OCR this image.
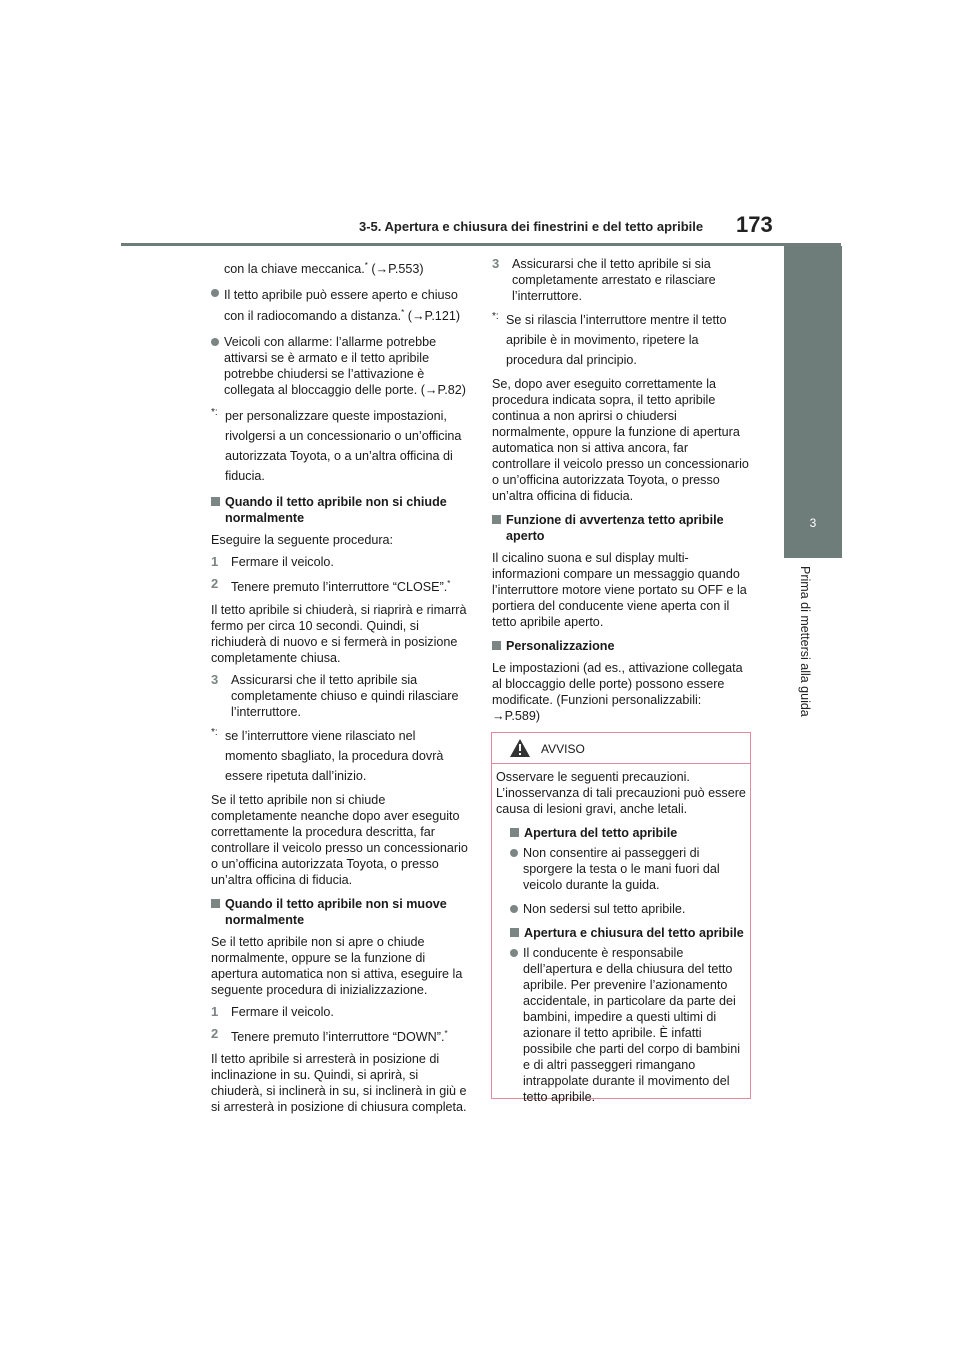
3-5. Apertura e chiusura dei finestrini e del tetto apribile 173
3
Prima di mettersi alla guida

con la chiave meccanica.* (→P.553)

Il tetto apribile può essere aperto e chiuso con il radiocomando a distanza.* (→P.121)
Veicoli con allarme: l’allarme potrebbe attivarsi se è armato e il tetto apribile potrebbe chiudersi se l’attivazione è collegata al bloccaggio delle porte. (→P.82)
*: per personalizzare queste impostazioni, rivolgersi a un concessionario o un’officina autorizzata Toyota, o a un’altra officina di fiducia.
Quando il tetto apribile non si chiude normalmente

Eseguire la seguente procedura:

1 Fermare il veicolo.
2 Tenere premuto l’interruttore “CLOSE”.*

Il tetto apribile si chiuderà, si riaprirà e rimarrà fermo per circa 10 secondi. Quindi, si richiuderà di nuovo e si fermerà in posizione completamente chiusa.

3 Assicurarsi che il tetto apribile sia completamente chiuso e quindi rilasciare l’interruttore.
*: se l’interruttore viene rilasciato nel momento sbagliato, la procedura dovrà essere ripetuta dall’inizio.

Se il tetto apribile non si chiude completamente neanche dopo aver eseguito correttamente la procedura descritta, far controllare il veicolo presso un concessionario o un’officina autorizzata Toyota, o presso un’altra officina di fiducia.

Quando il tetto apribile non si muove normalmente

Se il tetto apribile non si apre o chiude normalmente, oppure se la funzione di apertura automatica non si attiva, eseguire la seguente procedura di inizializzazione.

1 Fermare il veicolo.
2 Tenere premuto l’interruttore “DOWN”.*

Il tetto apribile si arresterà in posizione di inclinazione in su. Quindi, si aprirà, si chiuderà, si inclinerà in su, si inclinerà in giù e si arresterà in posizione di chiusura completa.

3 Assicurarsi che il tetto apribile si sia completamente arrestato e rilasciare l’interruttore.
*: Se si rilascia l’interruttore mentre il tetto apribile è in movimento, ripetere la procedura dal principio.

Se, dopo aver eseguito correttamente la procedura indicata sopra, il tetto apribile continua a non aprirsi o chiudersi normalmente, oppure la funzione di apertura automatica non si attiva ancora, far controllare il veicolo presso un concessionario o un’officina autorizzata Toyota, o presso un’altra officina di fiducia.

Funzione di avvertenza tetto apribile aperto

Il cicalino suona e sul display multi-informazioni compare un messaggio quando l’interruttore motore viene portato su OFF e la portiera del conducente viene aperta con il tetto apribile aperto.

Personalizzazione

Le impostazioni (ad es., attivazione collegata al bloccaggio delle porte) possono essere modificate. (Funzioni personalizzabili: →P.589)

AVVISO

Osservare le seguenti precauzioni. L’inosservanza di tali precauzioni può essere causa di lesioni gravi, anche letali.

Apertura del tetto apribile
Non consentire ai passeggeri di sporgere la testa o le mani fuori dal veicolo durante la guida.
Non sedersi sul tetto apribile.
Apertura e chiusura del tetto apribile
Il conducente è responsabile dell’apertura e della chiusura del tetto apribile. Per prevenire l’azionamento accidentale, in particolare da parte dei bambini, impedire a questi ultimi di azionare il tetto apribile. È infatti possibile che parti del corpo di bambini e di altri passeggeri rimangano intrappolate durante il movimento del tetto apribile.
